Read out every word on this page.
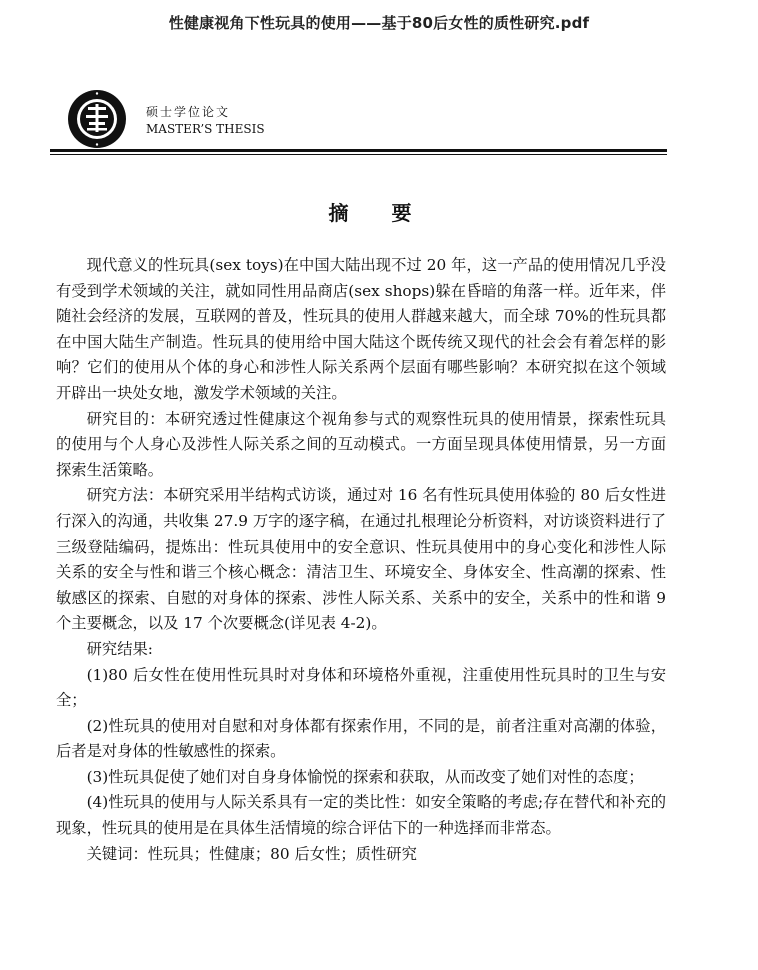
性健康视角下性玩具的使用——基于80后女性的质性研究.pdf
硕士学位论文
MASTER’S THESIS
摘 要

现代意义的性玩具(sex toys)在中国大陆出现不过 20 年，这一产品的使用情况几乎没有受到学术领域的关注，就如同性用品商店(sex shops)躲在昏暗的角落一样。近年来，伴随社会经济的发展，互联网的普及，性玩具的使用人群越来越大，而全球 70%的性玩具都在中国大陆生产制造。性玩具的使用给中国大陆这个既传统又现代的社会会有着怎样的影响？它们的使用从个体的身心和涉性人际关系两个层面有哪些影响？本研究拟在这个领域开辟出一块处女地，激发学术领域的关注。

研究目的：本研究透过性健康这个视角参与式的观察性玩具的使用情景，探索性玩具的使用与个人身心及涉性人际关系之间的互动模式。一方面呈现具体使用情景，另一方面探索生活策略。

研究方法：本研究采用半结构式访谈，通过对 16 名有性玩具使用体验的 80 后女性进行深入的沟通，共收集 27.9 万字的逐字稿，在通过扎根理论分析资料，对访谈资料进行了三级登陆编码，提炼出：性玩具使用中的安全意识、性玩具使用中的身心变化和涉性人际关系的安全与性和谐三个核心概念：清洁卫生、环境安全、身体安全、性高潮的探索、性敏感区的探索、自慰的对身体的探索、涉性人际关系、关系中的安全，关系中的性和谐 9 个主要概念，以及 17 个次要概念(详见表 4-2)。

研究结果:

(1)80 后女性在使用性玩具时对身体和环境格外重视，注重使用性玩具时的卫生与安全；

(2)性玩具的使用对自慰和对身体都有探索作用，不同的是，前者注重对高潮的体验，后者是对身体的性敏感性的探索。

(3)性玩具促使了她们对自身身体愉悦的探索和获取，从而改变了她们对性的态度；

(4)性玩具的使用与人际关系具有一定的类比性：如安全策略的考虑;存在替代和补充的现象，性玩具的使用是在具体生活情境的综合评估下的一种选择而非常态。

关键词：性玩具；性健康；80 后女性；质性研究
